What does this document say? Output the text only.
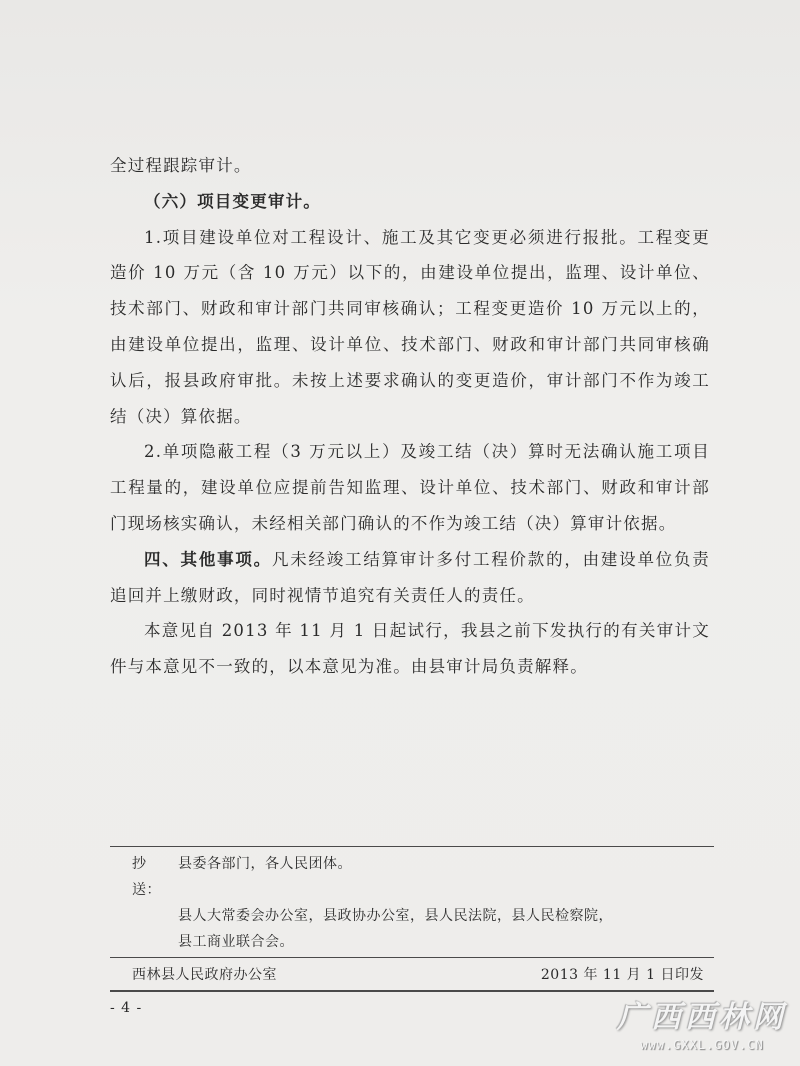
全过程跟踪审计。

（六）项目变更审计。

1.项目建设单位对工程设计、施工及其它变更必须进行报批。工程变更造价 10 万元（含 10 万元）以下的，由建设单位提出，监理、设计单位、技术部门、财政和审计部门共同审核确认；工程变更造价 10 万元以上的，由建设单位提出，监理、设计单位、技术部门、财政和审计部门共同审核确认后，报县政府审批。未按上述要求确认的变更造价，审计部门不作为竣工结（决）算依据。

2.单项隐蔽工程（3 万元以上）及竣工结（决）算时无法确认施工项目工程量的，建设单位应提前告知监理、设计单位、技术部门、财政和审计部门现场核实确认，未经相关部门确认的不作为竣工结（决）算审计依据。

四、其他事项。凡未经竣工结算审计多付工程价款的，由建设单位负责追回并上缴财政，同时视情节追究有关责任人的责任。

本意见自 2013 年 11 月 1 日起试行，我县之前下发执行的有关审计文件与本意见不一致的，以本意见为准。由县审计局负责解释。

抄 送：
县委各部门，各人民团体。
县人大常委会办公室，县政协办公室，县人民法院，县人民检察院，
县工商业联合会。
西林县人民政府办公室	2013 年 11 月 1 日印发
- 4 -	广西西林网
www.GXXL.GOV.CN
